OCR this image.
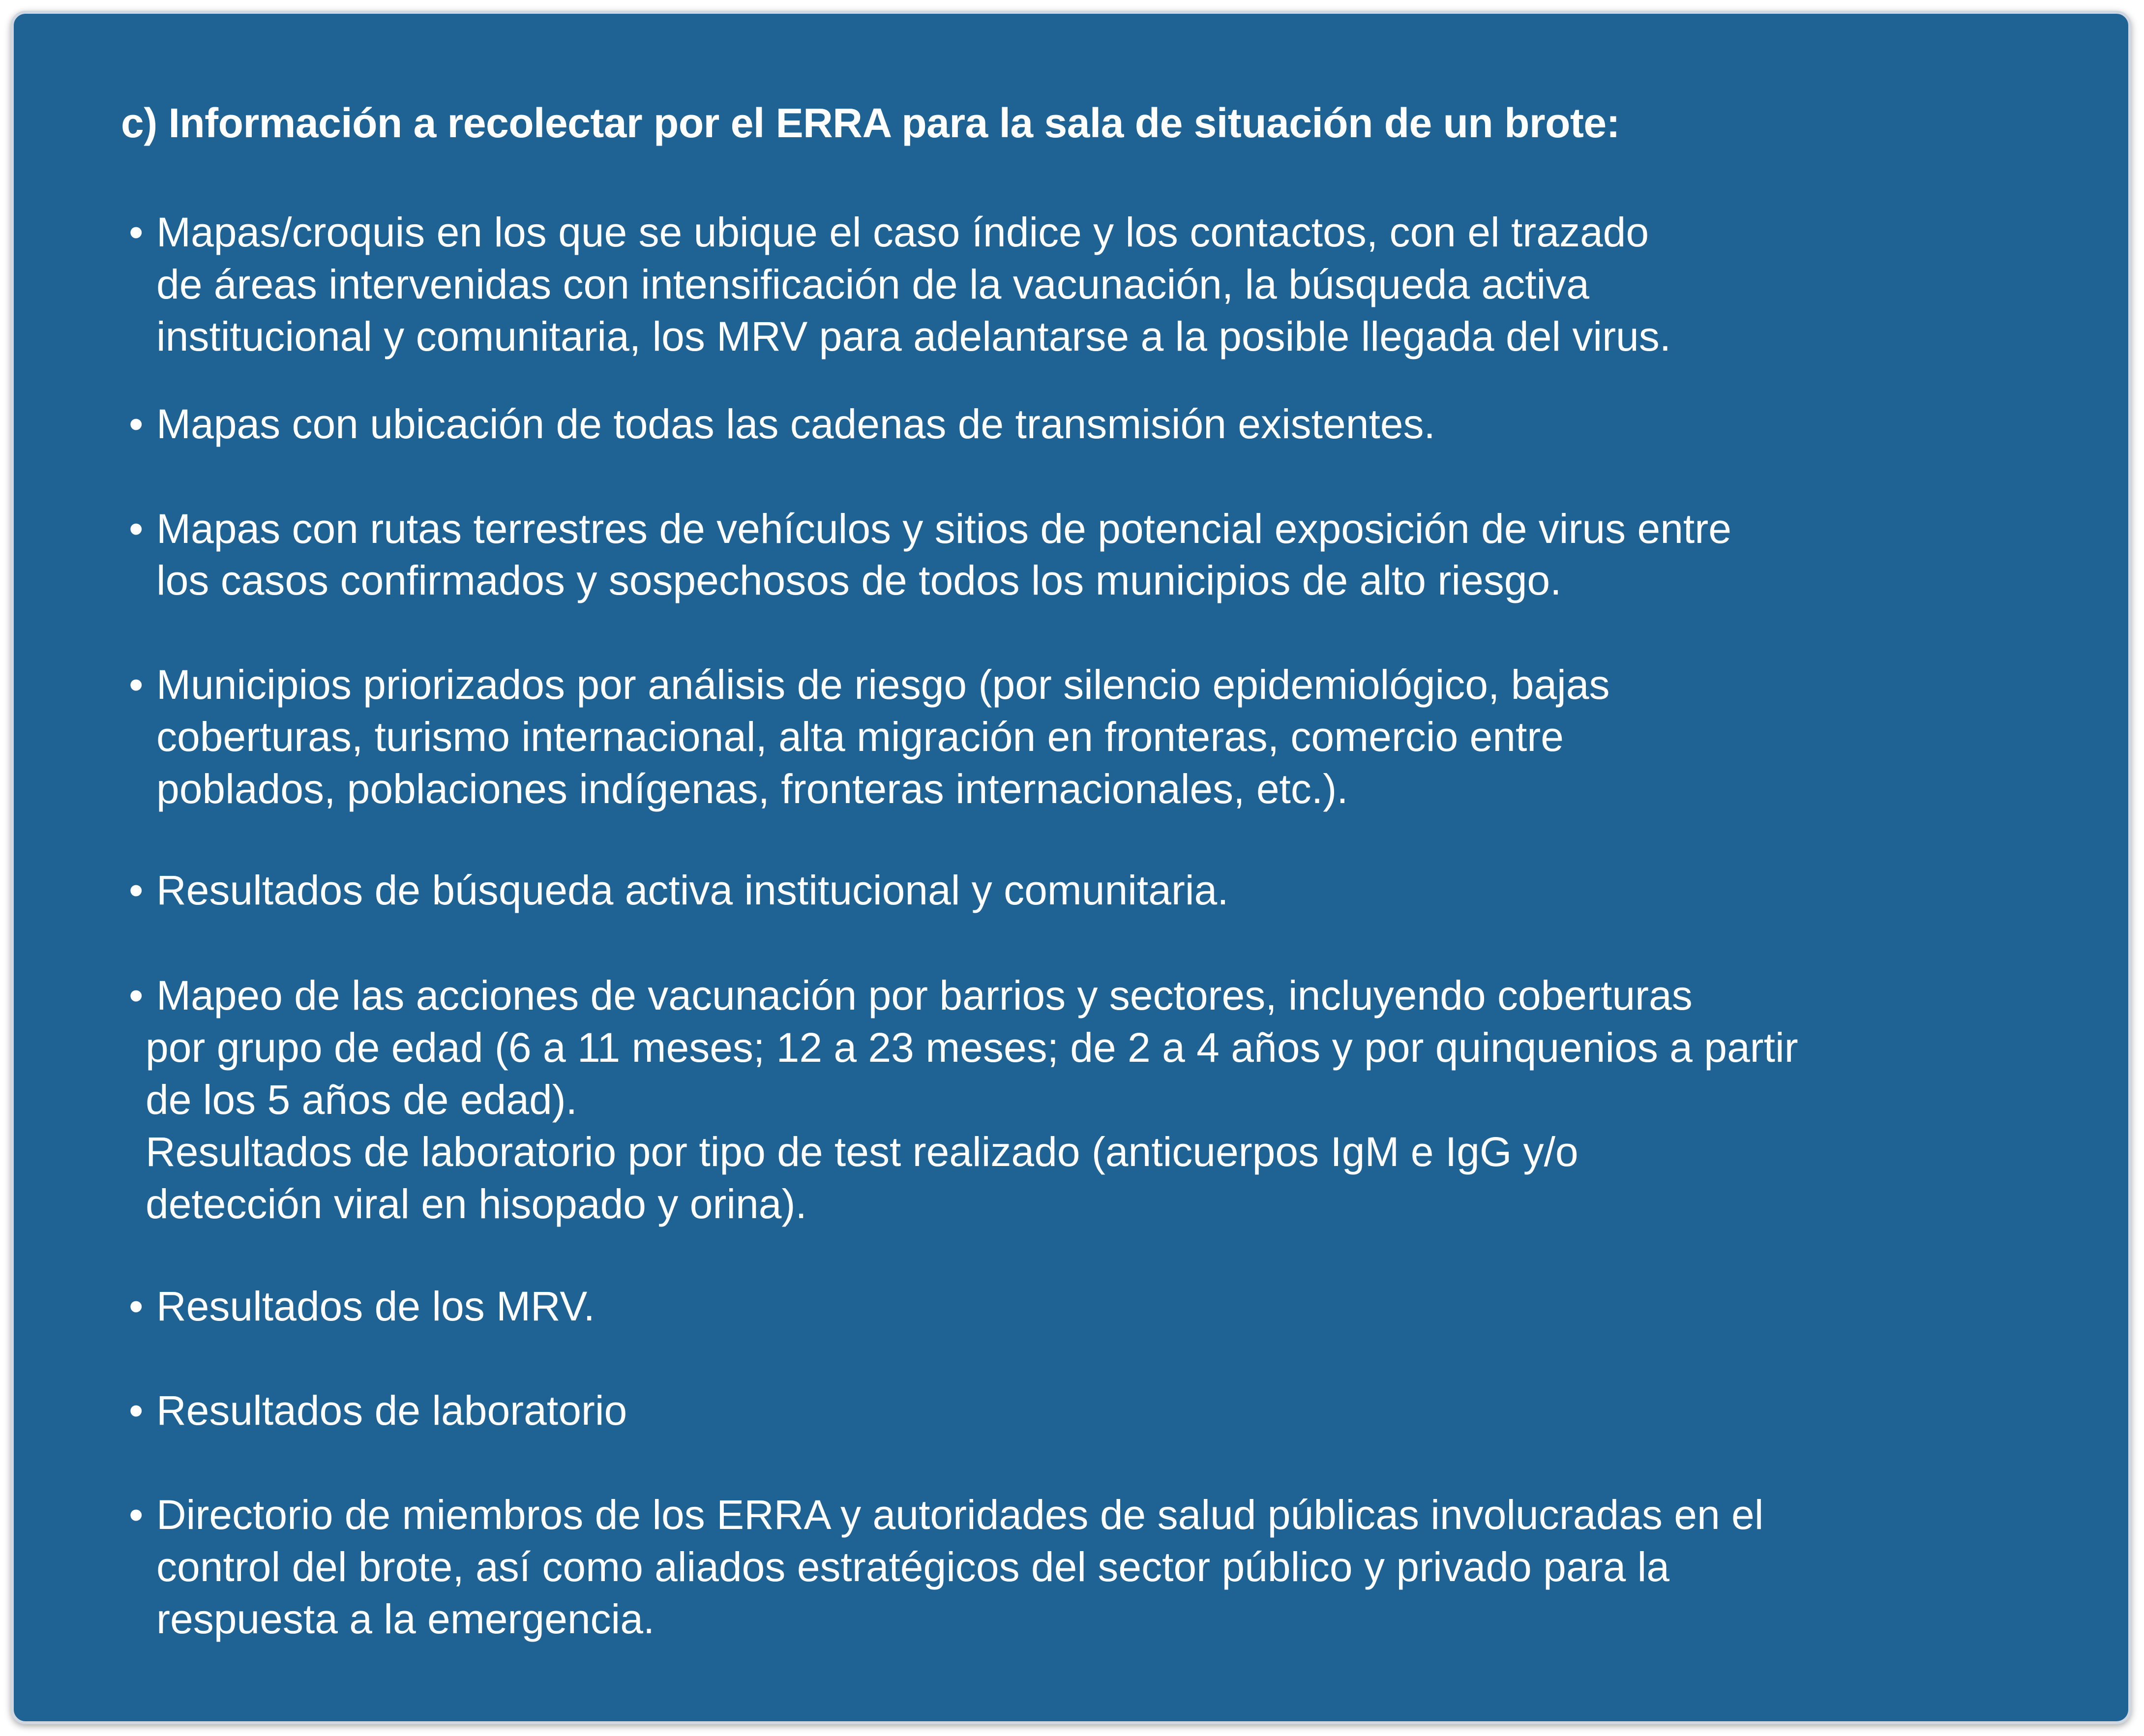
c) Información a recolectar por el ERRA para la sala de situación de un brote:

• Mapas/croquis en los que se ubique el caso índice y los contactos, con el trazado

de áreas intervenidas con intensificación de la vacunación, la búsqueda activa

institucional y comunitaria, los MRV para adelantarse a la posible llegada del virus.

• Mapas con ubicación de todas las cadenas de transmisión existentes.

• Mapas con rutas terrestres de vehículos y sitios de potencial exposición de virus entre

los casos confirmados y sospechosos de todos los municipios de alto riesgo.

• Municipios priorizados por análisis de riesgo (por silencio epidemiológico, bajas

coberturas, turismo internacional, alta migración en fronteras, comercio entre

poblados, poblaciones indígenas, fronteras internacionales, etc.).

• Resultados de búsqueda activa institucional y comunitaria.

• Mapeo de las acciones de vacunación por barrios y sectores, incluyendo coberturas

por grupo de edad (6 a 11 meses; 12 a 23 meses; de 2 a 4 años y por quinquenios a partir

de los 5 años de edad).

Resultados de laboratorio por tipo de test realizado (anticuerpos IgM e IgG y/o

detección viral en hisopado y orina).

• Resultados de los MRV.

• Resultados de laboratorio

• Directorio de miembros de los ERRA y autoridades de salud públicas involucradas en el

control del brote, así como aliados estratégicos del sector público y privado para la

respuesta a la emergencia.
